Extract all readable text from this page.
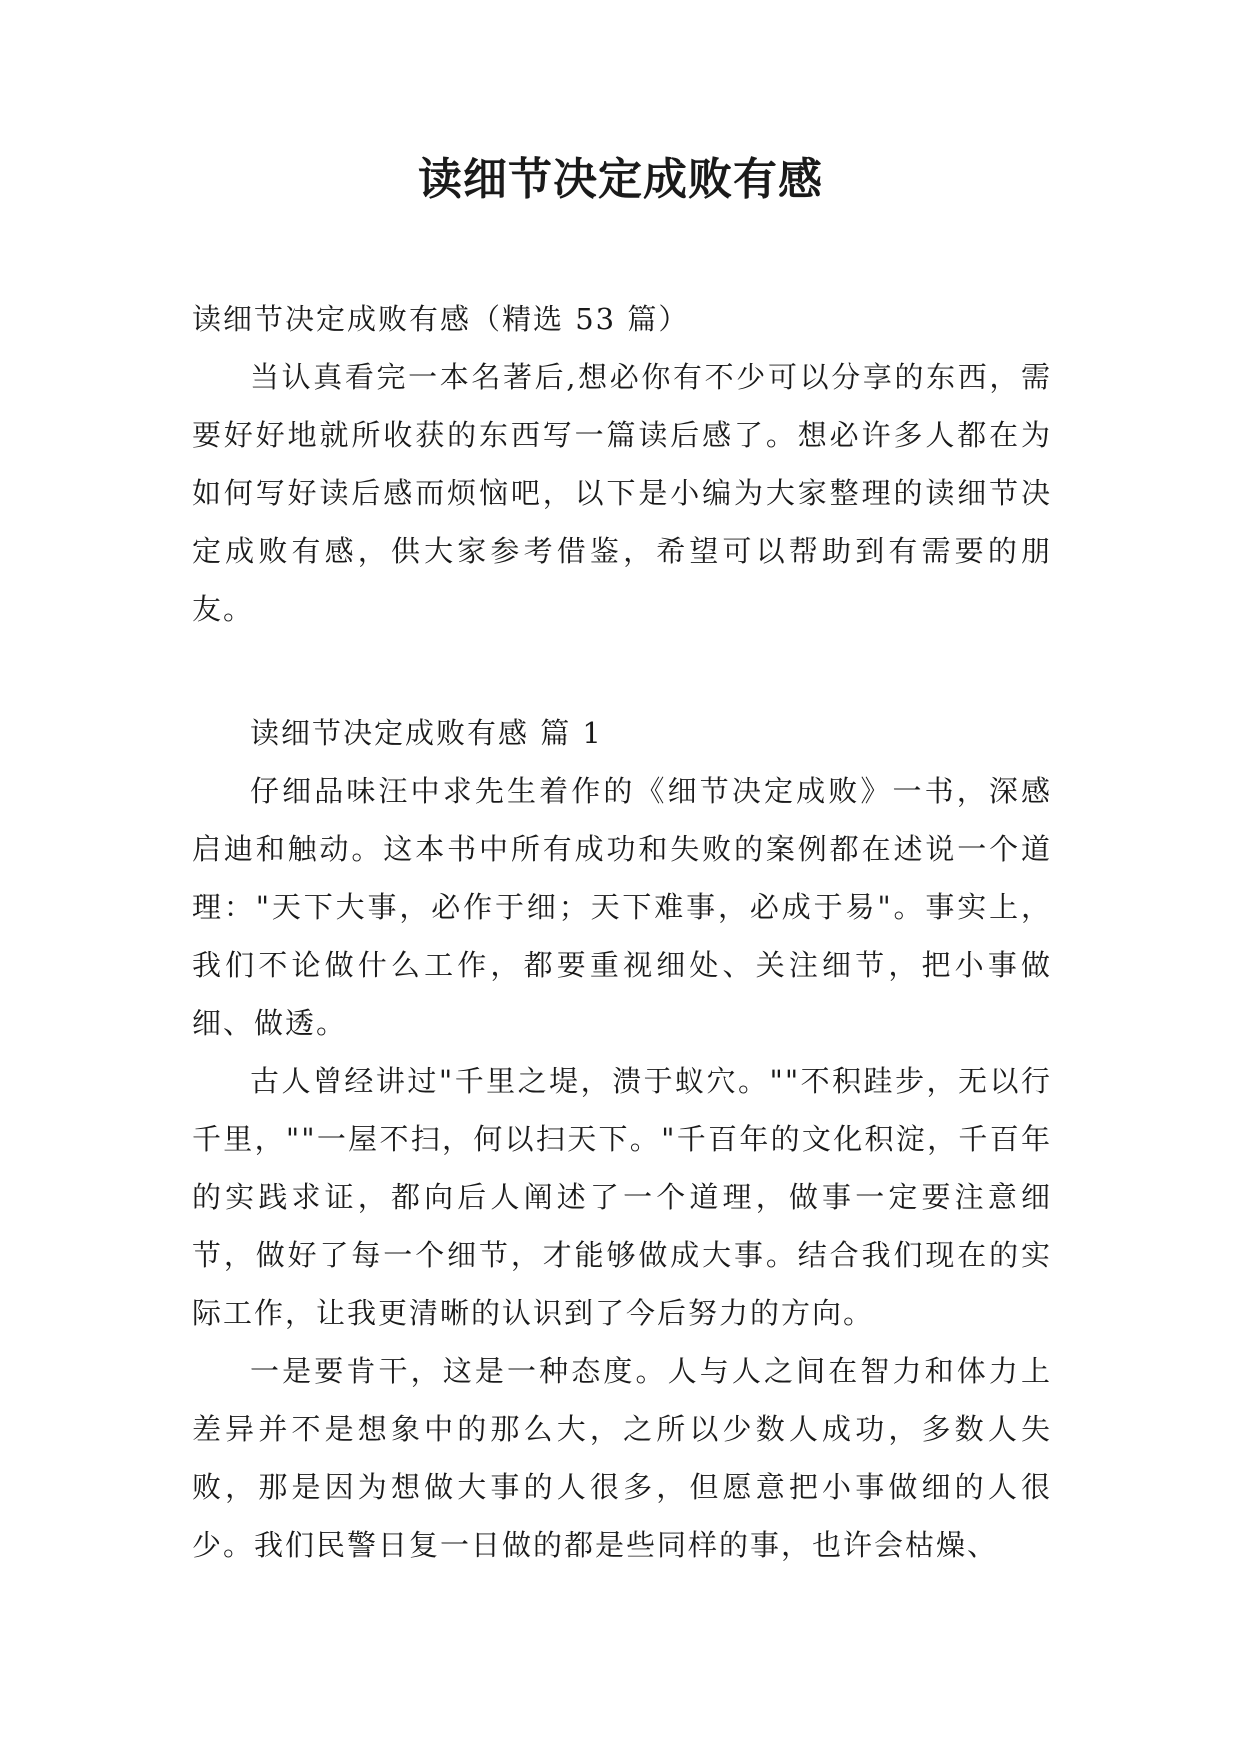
读细节决定成败有感

读细节决定成败有感（精选 53 篇）

当认真看完一本名著后,想必你有不少可以分享的东西，需要好好地就所收获的东西写一篇读后感了。想必许多人都在为如何写好读后感而烦恼吧，以下是小编为大家整理的读细节决定成败有感，供大家参考借鉴，希望可以帮助到有需要的朋友。

读细节决定成败有感 篇 1

仔细品味汪中求先生着作的《细节决定成败》一书，深感启迪和触动。这本书中所有成功和失败的案例都在述说一个道理："天下大事，必作于细；天下难事，必成于易"。事实上，我们不论做什么工作，都要重视细处、关注细节，把小事做细、做透。

古人曾经讲过"千里之堤，溃于蚁穴。""不积跬步，无以行千里，""一屋不扫，何以扫天下。"千百年的文化积淀，千百年的实践求证，都向后人阐述了一个道理，做事一定要注意细节，做好了每一个细节，才能够做成大事。结合我们现在的实际工作，让我更清晰的认识到了今后努力的方向。

一是要肯干，这是一种态度。人与人之间在智力和体力上差异并不是想象中的那么大，之所以少数人成功，多数人失败，那是因为想做大事的人很多，但愿意把小事做细的人很少。我们民警日复一日做的都是些同样的事，也许会枯燥、
